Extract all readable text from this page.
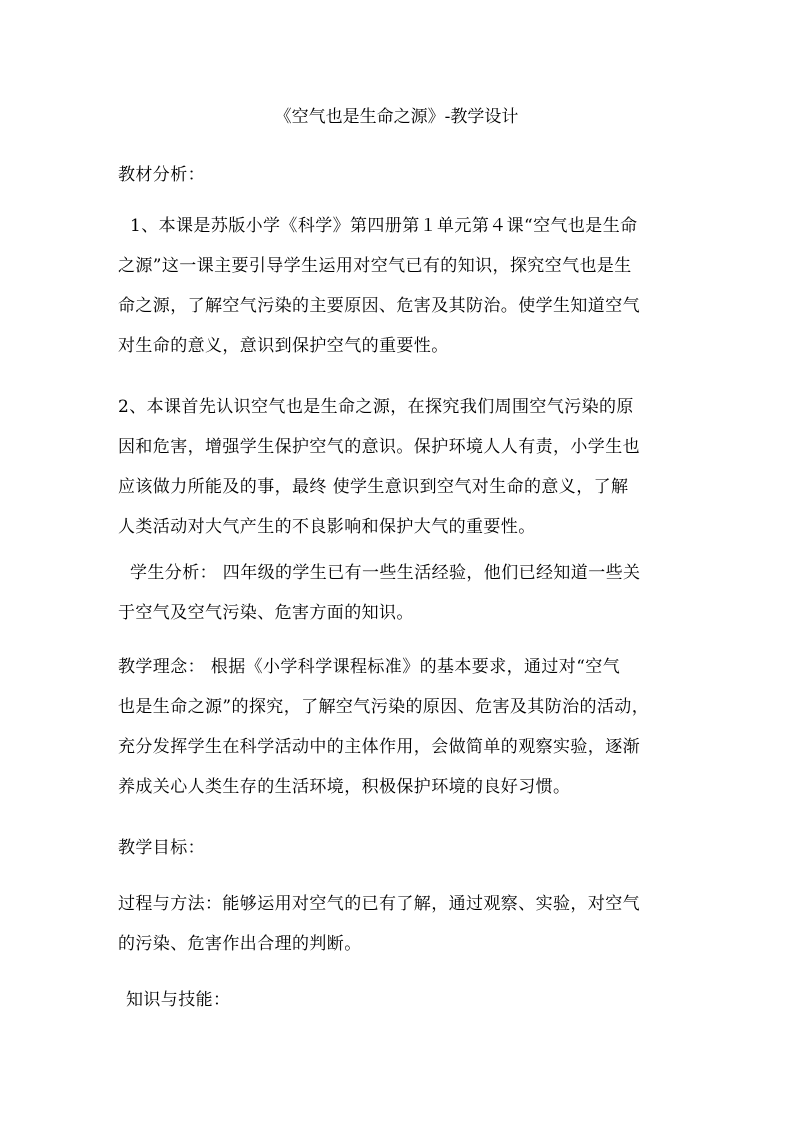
《空气也是生命之源》-教学设计
教材分析：
1、本课是苏版小学《科学》第四册第１单元第４课“空气也是生命
之源”这一课主要引导学生运用对空气已有的知识，探究空气也是生
命之源，了解空气污染的主要原因、危害及其防治。使学生知道空气
对生命的意义，意识到保护空气的重要性。
2、本课首先认识空气也是生命之源，在探究我们周围空气污染的原
因和危害，增强学生保护空气的意识。保护环境人人有责，小学生也
应该做力所能及的事，最终 使学生意识到空气对生命的意义，了解
人类活动对大气产生的不良影响和保护大气的重要性。
学生分析： 四年级的学生已有一些生活经验，他们已经知道一些关
于空气及空气污染、危害方面的知识。
教学理念： 根据《小学科学课程标准》的基本要求，通过对“空气
也是生命之源”的探究，了解空气污染的原因、危害及其防治的活动，
充分发挥学生在科学活动中的主体作用，会做简单的观察实验，逐渐
养成关心人类生存的生活环境，积极保护环境的良好习惯。
教学目标：
过程与方法：能够运用对空气的已有了解，通过观察、实验，对空气
的污染、危害作出合理的判断。
知识与技能：
